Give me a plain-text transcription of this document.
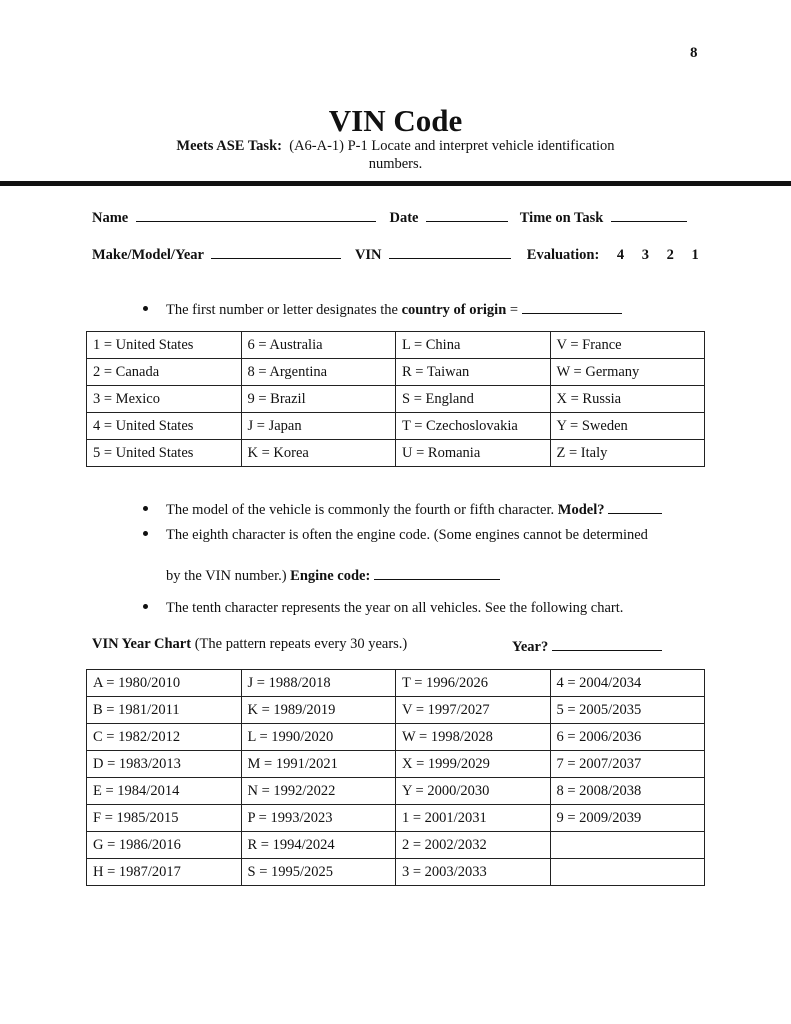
8
VIN Code
Meets ASE Task: (A6-A-1) P-1 Locate and interpret vehicle identification
numbers.
Name	Date	Time on Task
Make/Model/Year	VIN	Evaluation: 4 3 2 1
The first number or letter designates the country of origin =
1 = United States	6 = Australia	L = China	V = France
2 = Canada	8 = Argentina	R = Taiwan	W = Germany
3 = Mexico	9 = Brazil	S = England	X = Russia
4 = United States	J = Japan	T = Czechoslovakia	Y = Sweden
5 = United States	K = Korea	U = Romania	Z = Italy
The model of the vehicle is commonly the fourth or fifth character. Model?
The eighth character is often the engine code. (Some engines cannot be determined
by the VIN number.) Engine code:
The tenth character represents the year on all vehicles. See the following chart.
VIN Year Chart (The pattern repeats every 30 years.)	Year?
A = 1980/2010	J = 1988/2018	T = 1996/2026	4 = 2004/2034
B = 1981/2011	K = 1989/2019	V = 1997/2027	5 = 2005/2035
C = 1982/2012	L = 1990/2020	W = 1998/2028	6 = 2006/2036
D = 1983/2013	M = 1991/2021	X = 1999/2029	7 = 2007/2037
E = 1984/2014	N = 1992/2022	Y = 2000/2030	8 = 2008/2038
F = 1985/2015	P = 1993/2023	1 = 2001/2031	9 = 2009/2039
G = 1986/2016	R = 1994/2024	2 = 2002/2032	
H = 1987/2017	S = 1995/2025	3 = 2003/2033	
